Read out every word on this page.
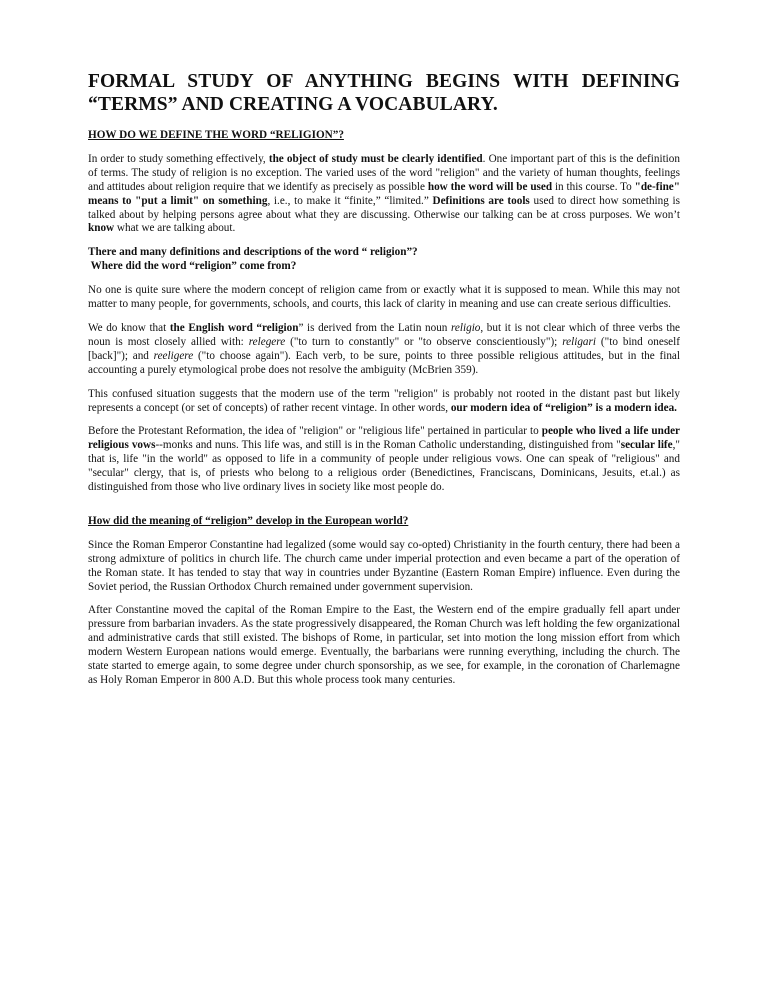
FORMAL STUDY OF ANYTHING BEGINS WITH DEFINING “TERMS” AND CREATING A VOCABULARY.
HOW DO WE DEFINE THE WORD “RELIGION”?

In order to study something effectively, the object of study must be clearly identified. One important part of this is the definition of terms. The study of religion is no exception. The varied uses of the word "religion" and the variety of human thoughts, feelings and attitudes about religion require that we identify as precisely as possible how the word will be used in this course. To "de-fine" means to "put a limit" on something, i.e., to make it “finite,” “limited.” Definitions are tools used to direct how something is talked about by helping persons agree about what they are discussing. Otherwise our talking can be at cross purposes. We won’t know what we are talking about.

There and many definitions and descriptions of the word “ religion”?
Where did the word “religion” come from?

No one is quite sure where the modern concept of religion came from or exactly what it is supposed to mean. While this may not matter to many people, for governments, schools, and courts, this lack of clarity in meaning and use can create serious difficulties.

We do know that the English word “religion” is derived from the Latin noun religio, but it is not clear which of three verbs the noun is most closely allied with: relegere ("to turn to constantly" or "to observe conscientiously"); religari ("to bind oneself [back]"); and reeligere ("to choose again"). Each verb, to be sure, points to three possible religious attitudes, but in the final accounting a purely etymological probe does not resolve the ambiguity (McBrien 359).

This confused situation suggests that the modern use of the term "religion" is probably not rooted in the distant past but likely represents a concept (or set of concepts) of rather recent vintage. In other words, our modern idea of “religion” is a modern idea.

Before the Protestant Reformation, the idea of "religion" or "religious life" pertained in particular to people who lived a life under religious vows--monks and nuns. This life was, and still is in the Roman Catholic understanding, distinguished from "secular life," that is, life "in the world" as opposed to life in a community of people under religious vows. One can speak of "religious" and "secular" clergy, that is, of priests who belong to a religious order (Benedictines, Franciscans, Dominicans, Jesuits, et.al.) as distinguished from those who live ordinary lives in society like most people do.

How did the meaning of “religion” develop in the European world?

Since the Roman Emperor Constantine had legalized (some would say co-opted) Christianity in the fourth century, there had been a strong admixture of politics in church life. The church came under imperial protection and even became a part of the operation of the Roman state. It has tended to stay that way in countries under Byzantine (Eastern Roman Empire) influence. Even during the Soviet period, the Russian Orthodox Church remained under government supervision.

After Constantine moved the capital of the Roman Empire to the East, the Western end of the empire gradually fell apart under pressure from barbarian invaders. As the state progressively disappeared, the Roman Church was left holding the few organizational and administrative cards that still existed. The bishops of Rome, in particular, set into motion the long mission effort from which modern Western European nations would emerge. Eventually, the barbarians were running everything, including the church. The state started to emerge again, to some degree under church sponsorship, as we see, for example, in the coronation of Charlemagne as Holy Roman Emperor in 800 A.D. But this whole process took many centuries.
